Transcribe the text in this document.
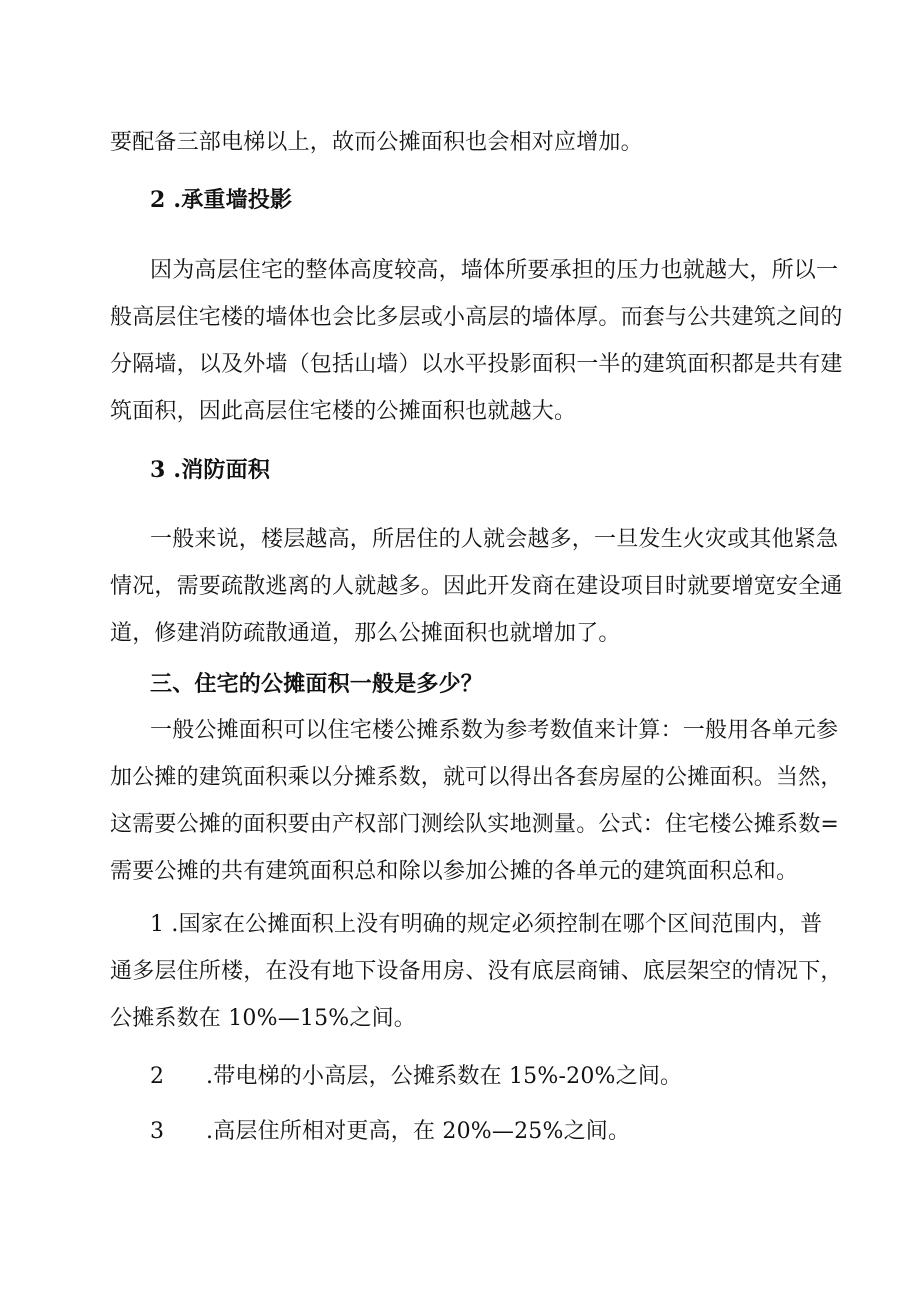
要配备三部电梯以上，故而公摊面积也会相对应增加。
2 .承重墙投影
因为高层住宅的整体高度较高，墙体所要承担的压力也就越大，所以一
般高层住宅楼的墙体也会比多层或小高层的墙体厚。而套与公共建筑之间的
分隔墙，以及外墙（包括山墙）以水平投影面积一半的建筑面积都是共有建
筑面积，因此高层住宅楼的公摊面积也就越大。
3 .消防面积
一般来说，楼层越高，所居住的人就会越多，一旦发生火灾或其他紧急
情况，需要疏散逃离的人就越多。因此开发商在建设项目时就要增宽安全通
道，修建消防疏散通道，那么公摊面积也就增加了。
三、住宅的公摊面积一般是多少？
一般公摊面积可以住宅楼公摊系数为参考数值来计算：一般用各单元参
加公摊的建筑面积乘以分摊系数，就可以得出各套房屋的公摊面积。当然，
这需要公摊的面积要由产权部门测绘队实地测量。公式：住宅楼公摊系数=
需要公摊的共有建筑面积总和除以参加公摊的各单元的建筑面积总和。
1 .国家在公摊面积上没有明确的规定必须控制在哪个区间范围内，普
通多层住所楼，在没有地下设备用房、没有底层商铺、底层架空的情况下，
公摊系数在 10%—15%之间。
2	.带电梯的小高层，公摊系数在 15%-20%之间。
3	.高层住所相对更高，在 20%—25%之间。
